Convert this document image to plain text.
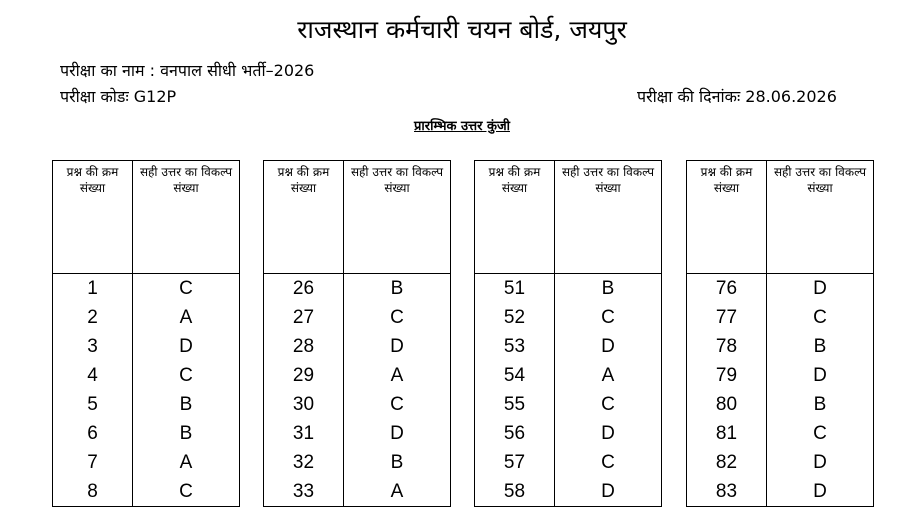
राजस्थान कर्मचारी चयन बोर्ड, जयपुर
परीक्षा का नाम : वनपाल सीधी भर्ती–2026
परीक्षा कोडः G12P	परीक्षा की दिनांकः 28.06.2026
प्रारम्भिक उत्तर कुंजी
प्रश्न की क्रम संख्या	सही उत्तर का विकल्प संख्या
1	C
2	A
3	D
4	C
5	B
6	B
7	A
8	C
प्रश्न की क्रम संख्या	सही उत्तर का विकल्प संख्या
26	B
27	C
28	D
29	A
30	C
31	D
32	B
33	A
प्रश्न की क्रम संख्या	सही उत्तर का विकल्प संख्या
51	B
52	C
53	D
54	A
55	C
56	D
57	C
58	D
प्रश्न की क्रम संख्या	सही उत्तर का विकल्प संख्या
76	D
77	C
78	B
79	D
80	B
81	C
82	D
83	D
